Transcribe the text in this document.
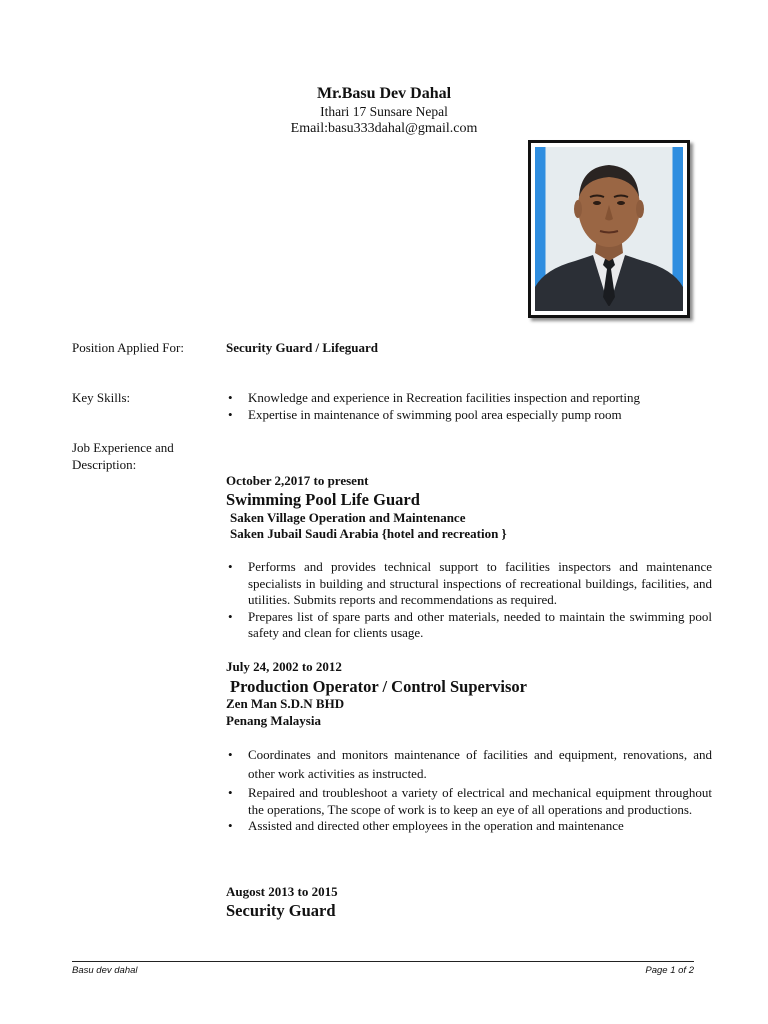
Mr.Basu Dev Dahal
Ithari 17 Sunsare Nepal
Email:basu333dahal@gmail.com
Position Applied For:	Security Guard / Lifeguard
Key Skills:
•	Knowledge and experience in Recreation facilities inspection and reporting
• Expertise in maintenance of swimming pool area especially pump room
Job Experience and
Description:
October 2,2017 to present
Swimming Pool Life Guard
Saken Village Operation and Maintenance
Saken Jubail Saudi Arabia {hotel and recreation }
• Performs and provides technical support to facilities inspectors and maintenance specialists in building and structural inspections of recreational buildings, facilities, and utilities. Submits reports and recommendations as required.
• Prepares list of spare parts and other materials, needed to maintain the swimming pool safety and clean for clients usage.
July 24, 2002 to 2012
Production Operator / Control Supervisor
Zen Man S.D.N BHD
Penang Malaysia
• Coordinates and monitors maintenance of facilities and equipment, renovations, and other work activities as instructed.
• Repaired and troubleshoot a variety of electrical and mechanical equipment throughout the operations, The scope of work is to keep an eye of all operations and productions.
• Assisted and directed other employees in the operation and maintenance
Augost 2013 to 2015
Security Guard
Basu dev dahal	Page 1 of 2
